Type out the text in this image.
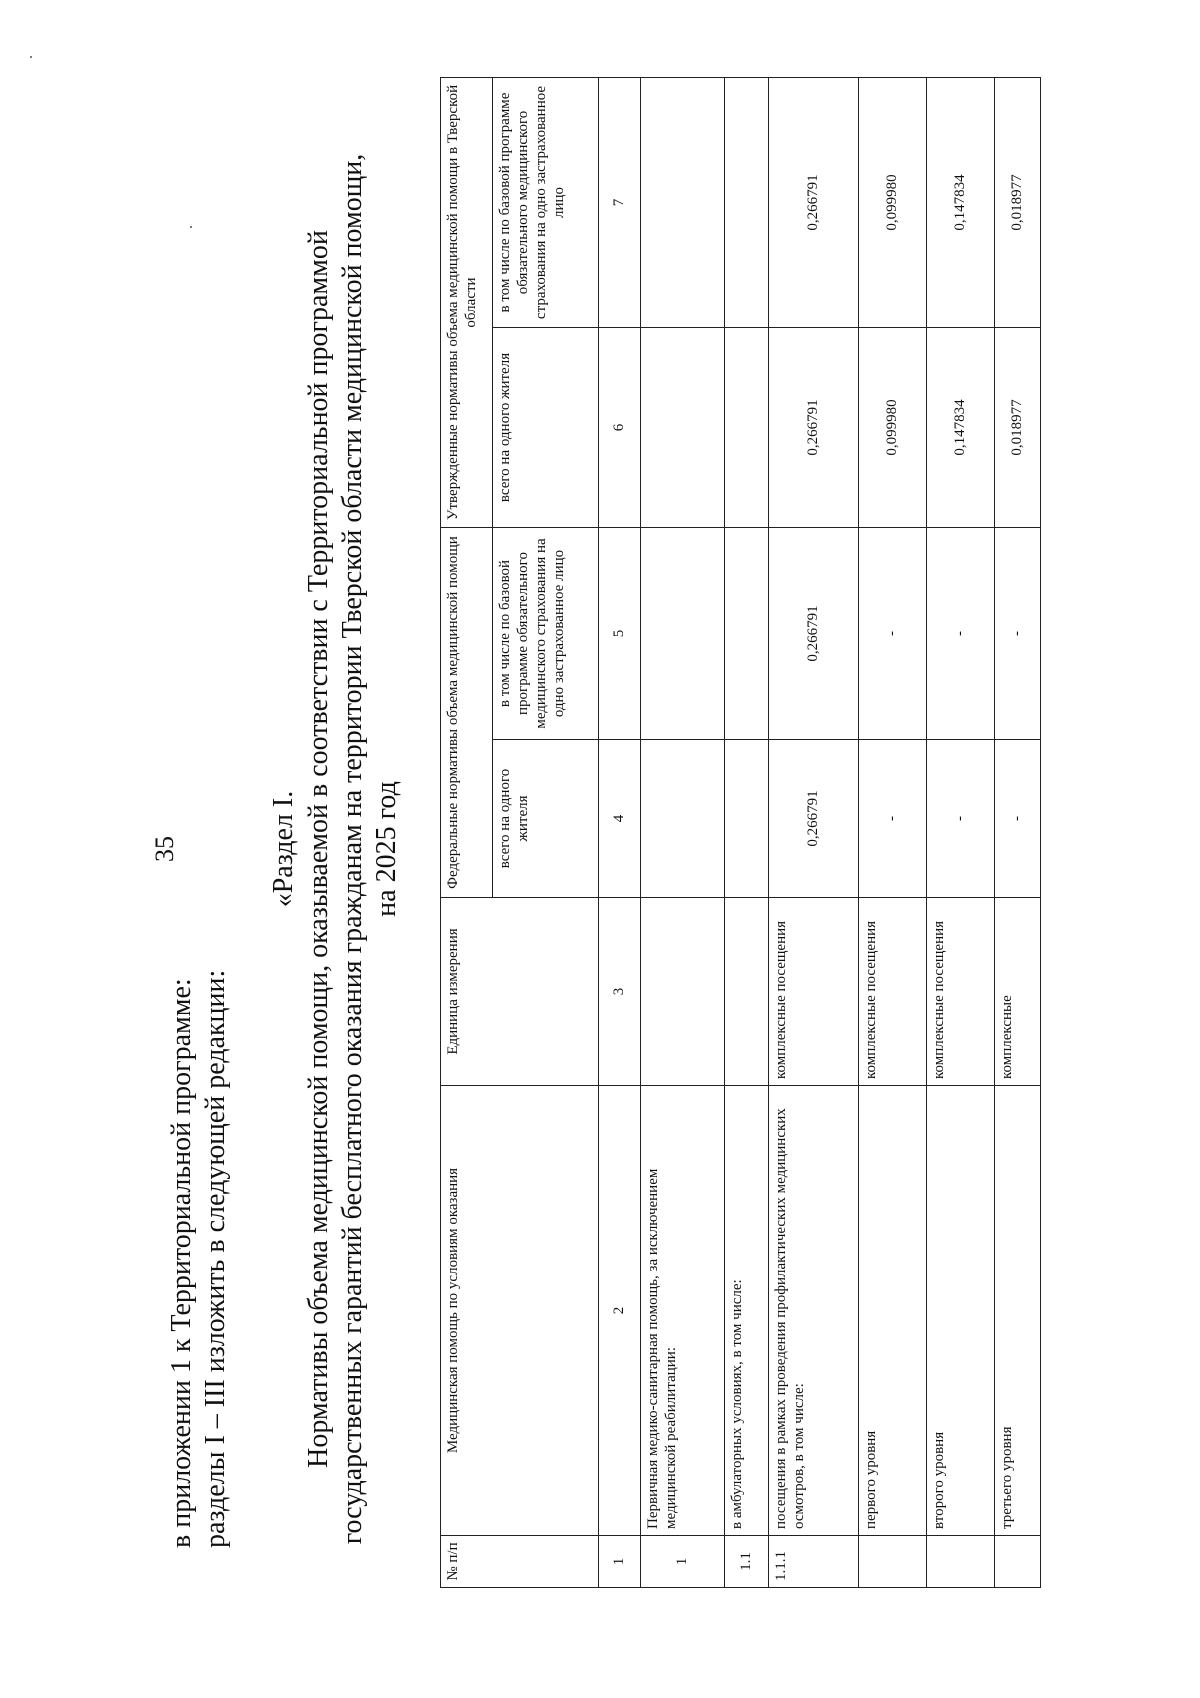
35
в приложении 1 к Территориальной программе: разделы I – III изложить в следующей редакции:
«Раздел I. Нормативы объема медицинской помощи, оказываемой в соответствии с Территориальной программой государственных гарантий бесплатного оказания гражданам на территории Тверской области медицинской помощи, на 2025 год
№ п/п	Медицинская помощь по условиям оказания	Единица измерения	Федеральные нормативы объема медицинской помощи		Утвержденные нормативы объема медицинской помощи в Тверской области	
			всего на одного жителя	в том числе по базовой программе обязательного медицинского страхования на одно застрахованное лицо	всего на одного жителя	в том числе по базовой программе обязательного медицинского страхования на одно застрахованное лицо
1	2	3	4	5	6	7
1	Первичная медико-санитарная помощь, за исключением медицинской реабилитации:					
1.1	в амбулаторных условиях, в том числе:					
1.1.1	посещения в рамках проведения профилактических медицинских осмотров, в том числе:	комплексные посещения	0,266791	0,266791	0,266791	0,266791
	первого уровня	комплексные посещения	-	-	0,099980	0,099980
	второго уровня	комплексные посещения	-	-	0,147834	0,147834
	третьего уровня	комплексные	-	-	0,018977	0,018977
